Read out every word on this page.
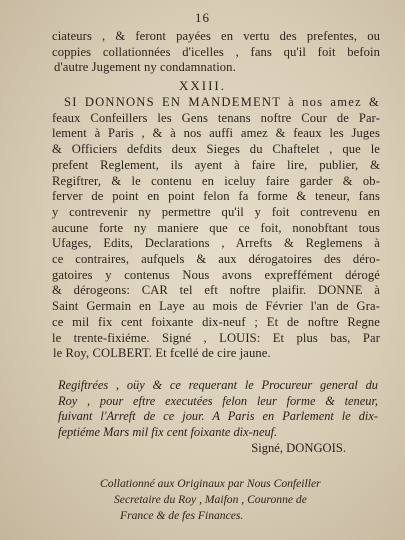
16
ciateurs , & feront payées en vertu des prefentes, ou
coppies collationnées d'icelles , fans qu'il foit befoin
d'autre Jugement ny condamnation.
XXIII.
SI DONNONS EN MANDEMENT à nos amez &
feaux Confeillers les Gens tenans noftre Cour de Par-
lement à Paris , & à nos auffi amez & feaux les Juges
& Officiers defdits deux Sieges du Chaftelet , que le
prefent Reglement, ils ayent à faire lire, publier, &
Regiftrer, & le contenu en iceluy faire garder & ob-
ferver de point en point felon fa forme & teneur, fans
y contrevenir ny permettre qu'il y foit contrevenu en
aucune forte ny maniere que ce foit, nonobftant tous
Ufages, Edits, Declarations , Arrefts & Reglemens à
ce contraires, aufquels & aux dérogatoires des déro-
gatoires y contenus Nous avons expreffément dérogé
& dérogeons: CAR tel eft noftre plaifir. DONNE à
Saint Germain en Laye au mois de Février l'an de Gra-
ce mil fix cent foixante dix-neuf ; Et de noftre Regne
le trente-fixiéme. Signé , LOUIS: Et plus bas, Par
le Roy, COLBERT. Et fcellé de cire jaune.
Regiftrées , oüy & ce requerant le Procureur general du
Roy , pour eftre executées felon leur forme & teneur,
fuivant l'Arreft de ce jour. A Paris en Parlement le dix-
feptiéme Mars mil fix cent foixante dix-neuf.
Signé, DONGOIS.
Collationné aux Originaux par Nous Confeiller
Secretaire du Roy , Maifon , Couronne de
France & de fes Finances.
